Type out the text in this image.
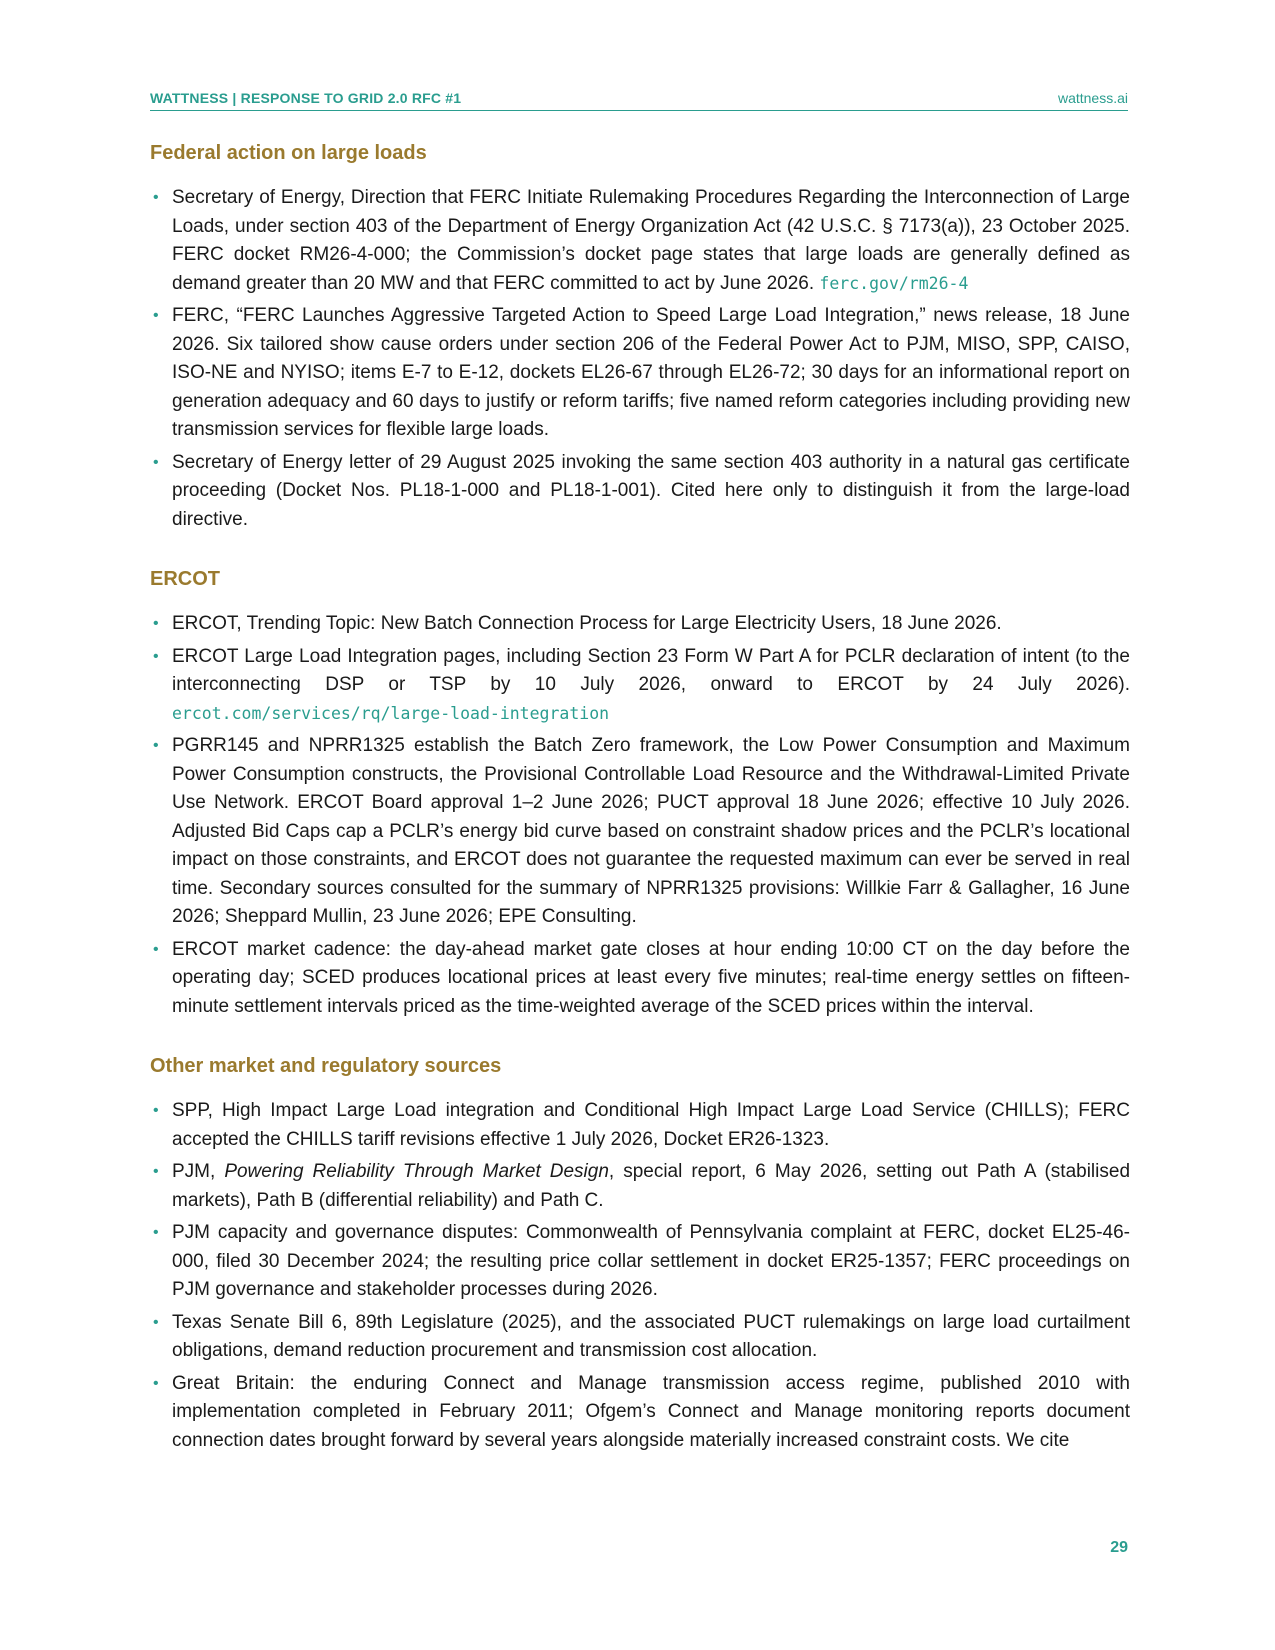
WATTNESS | RESPONSE TO GRID 2.0 RFC #1	wattness.ai
Federal action on large loads
• Secretary of Energy, Direction that FERC Initiate Rulemaking Procedures Regarding the Interconnection of Large Loads, under section 403 of the Department of Energy Organization Act (42 U.S.C. § 7173(a)), 23 October 2025. FERC docket RM26-4-000; the Commission’s docket page states that large loads are generally defined as demand greater than 20 MW and that FERC committed to act by June 2026. ferc.gov/rm26-4
• FERC, “FERC Launches Aggressive Targeted Action to Speed Large Load Integration,” news release, 18 June 2026. Six tailored show cause orders under section 206 of the Federal Power Act to PJM, MISO, SPP, CAISO, ISO-NE and NYISO; items E-7 to E-12, dockets EL26-67 through EL26-72; 30 days for an informational report on generation adequacy and 60 days to justify or reform tariffs; five named reform categories including providing new transmission services for flexible large loads.
• Secretary of Energy letter of 29 August 2025 invoking the same section 403 authority in a natural gas certificate proceeding (Docket Nos. PL18-1-000 and PL18-1-001). Cited here only to distinguish it from the large-load directive.
ERCOT
• ERCOT, Trending Topic: New Batch Connection Process for Large Electricity Users, 18 June 2026.
• ERCOT Large Load Integration pages, including Section 23 Form W Part A for PCLR declaration of intent (to the interconnecting DSP or TSP by 10 July 2026, onward to ERCOT by 24 July 2026). ercot.com/services/rq/large-load-integration
• PGRR145 and NPRR1325 establish the Batch Zero framework, the Low Power Consumption and Maximum Power Consumption constructs, the Provisional Controllable Load Resource and the Withdrawal-Limited Private Use Network. ERCOT Board approval 1–2 June 2026; PUCT approval 18 June 2026; effective 10 July 2026. Adjusted Bid Caps cap a PCLR’s energy bid curve based on constraint shadow prices and the PCLR’s locational impact on those constraints, and ERCOT does not guarantee the requested maximum can ever be served in real time. Secondary sources consulted for the summary of NPRR1325 provisions: Willkie Farr & Gallagher, 16 June 2026; Sheppard Mullin, 23 June 2026; EPE Consulting.
• ERCOT market cadence: the day-ahead market gate closes at hour ending 10:00 CT on the day before the operating day; SCED produces locational prices at least every five minutes; real-time energy settles on fifteen-minute settlement intervals priced as the time-weighted average of the SCED prices within the interval.
Other market and regulatory sources
• SPP, High Impact Large Load integration and Conditional High Impact Large Load Service (CHILLS); FERC accepted the CHILLS tariff revisions effective 1 July 2026, Docket ER26-1323.
• PJM, Powering Reliability Through Market Design, special report, 6 May 2026, setting out Path A (stabilised markets), Path B (differential reliability) and Path C.
• PJM capacity and governance disputes: Commonwealth of Pennsylvania complaint at FERC, docket EL25-46-000, filed 30 December 2024; the resulting price collar settlement in docket ER25-1357; FERC proceedings on PJM governance and stakeholder processes during 2026.
• Texas Senate Bill 6, 89th Legislature (2025), and the associated PUCT rulemakings on large load curtailment obligations, demand reduction procurement and transmission cost allocation.
• Great Britain: the enduring Connect and Manage transmission access regime, published 2010 with implementation completed in February 2011; Ofgem’s Connect and Manage monitoring reports document connection dates brought forward by several years alongside materially increased constraint costs. We cite
29
